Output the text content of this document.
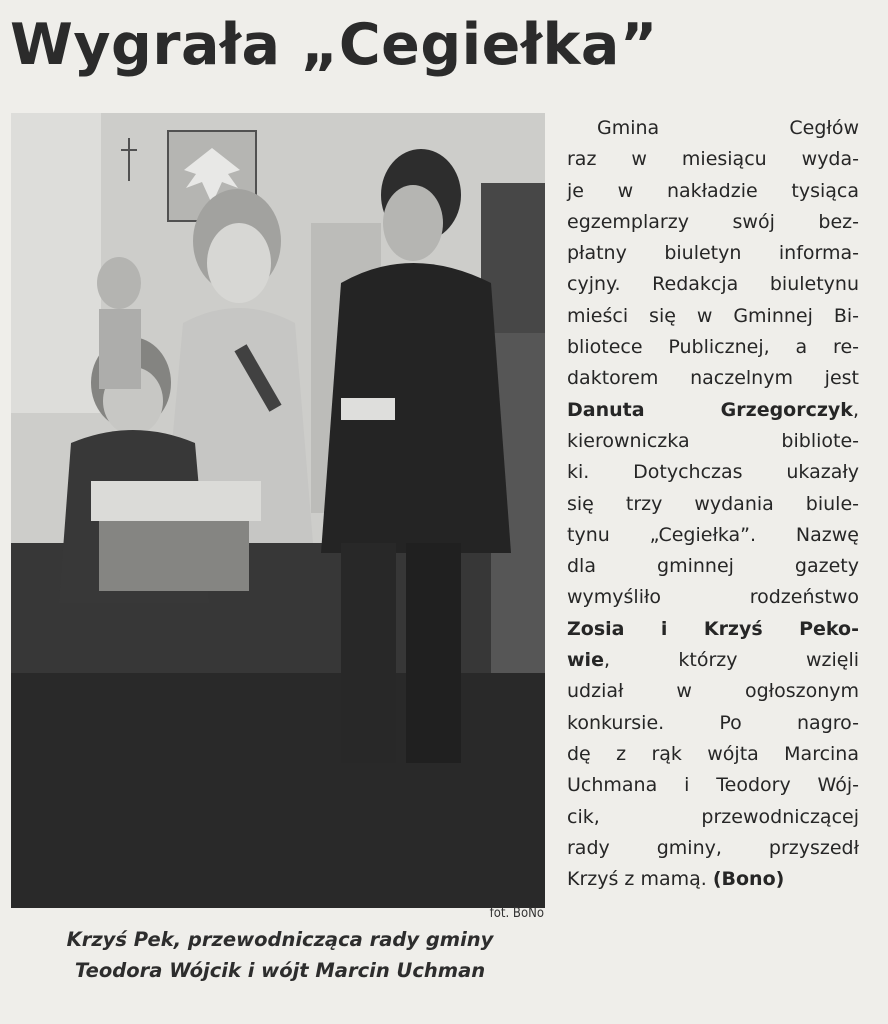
Wygrała „Cegiełka”
fot. BoNo
Krzyś Pek, przewodnicząca rady gminy
Teodora Wójcik i wójt Marcin Uchman
Gmina Cegłów
raz w miesiącu wyda-
je w nakładzie tysiąca
egzemplarzy swój bez-
płatny biuletyn informa-
cyjny. Redakcja biuletynu
mieści się w Gminnej Bi-
bliotece Publicznej, a re-
daktorem naczelnym jest
Danuta Grzegorczyk,
kierowniczka bibliote-
ki. Dotychczas ukazały
się trzy wydania biule-
tynu „Cegiełka”. Nazwę
dla gminnej gazety
wymyśliło rodzeństwo
Zosia i Krzyś Peko-
wie, którzy wzięli
udział w ogłoszonym
konkursie. Po nagro-
dę z rąk wójta Marcina
Uchmana i Teodory Wój-
cik, przewodniczącej
rady gminy, przyszedł
Krzyś z mamą. (Bono)
